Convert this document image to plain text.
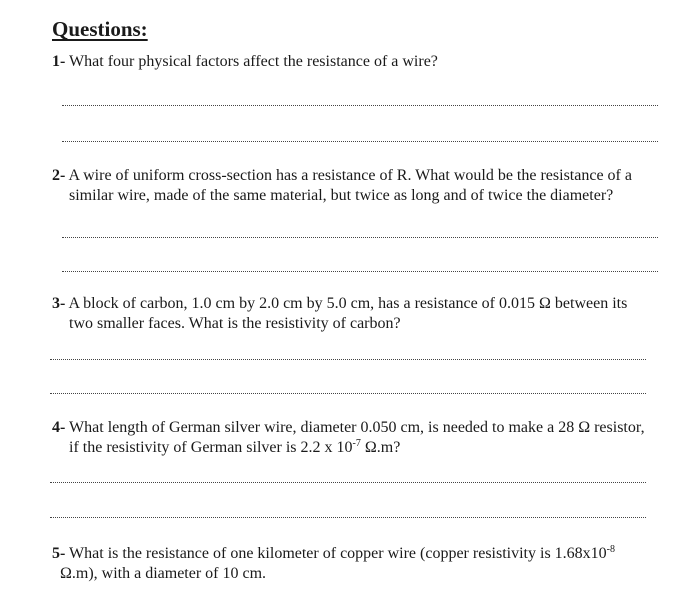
Questions:
1- What four physical factors affect the resistance of a wire?
2- A wire of uniform cross-section has a resistance of R. What would be the resistance of a
similar wire, made of the same material, but twice as long and of twice the diameter?
3- A block of carbon, 1.0 cm by 2.0 cm by 5.0 cm, has a resistance of 0.015 Ω between its
two smaller faces. What is the resistivity of carbon?
4- What length of German silver wire, diameter 0.050 cm, is needed to make a 28 Ω resistor,
if the resistivity of German silver is 2.2 x $10^{-7}$ Ω.m?
5- What is the resistance of one kilometer of copper wire (copper resistivity is $1.68x10^{-8}$
Ω.m), with a diameter of 10 cm.
